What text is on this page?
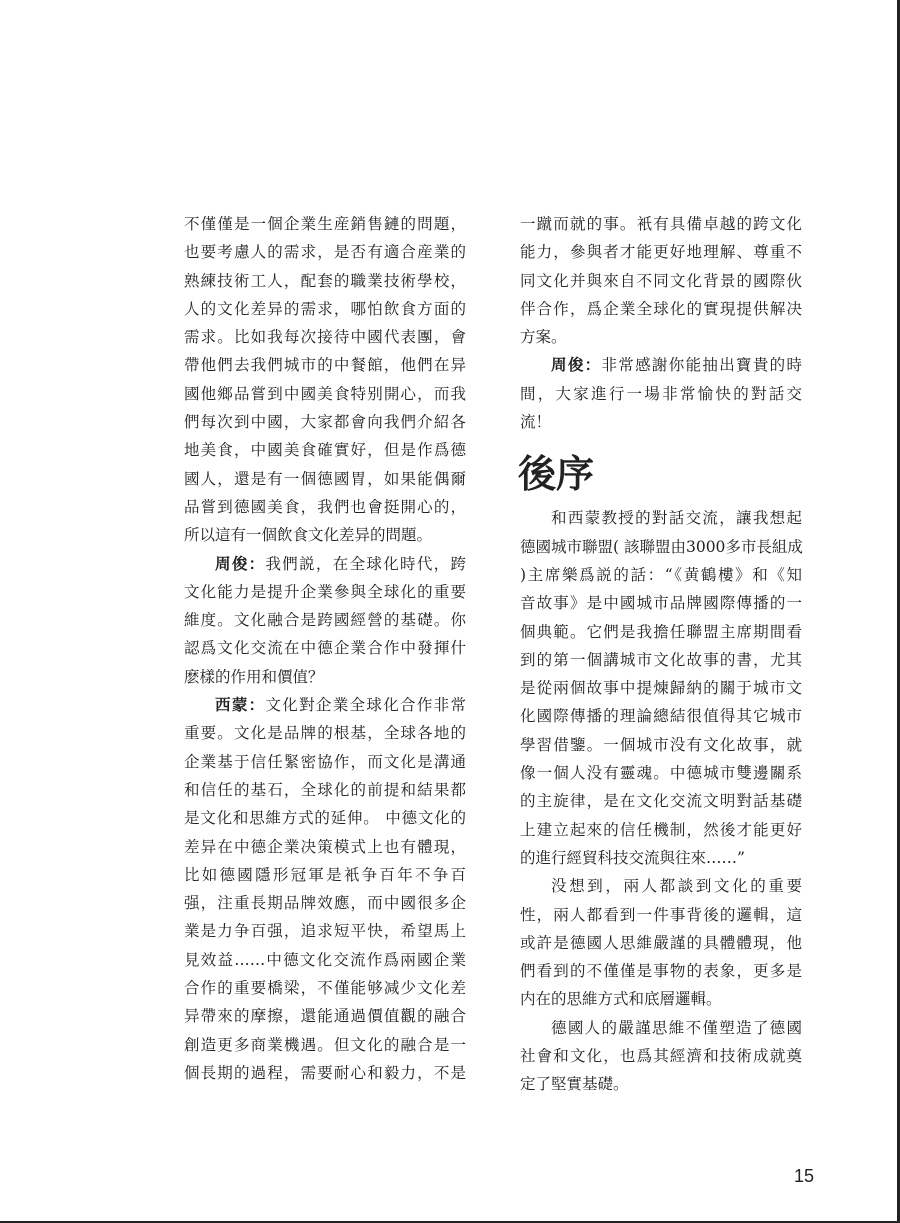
不僅僅是一個企業生産銷售鏈的問題，
也要考慮人的需求，是否有適合産業的
熟練技術工人，配套的職業技術學校，
人的文化差异的需求，哪怕飲食方面的
需求。比如我每次接待中國代表團，會
帶他們去我們城市的中餐館，他們在异
國他鄉品嘗到中國美食特别開心，而我
們每次到中國，大家都會向我們介紹各
地美食，中國美食確實好，但是作爲德
國人，還是有一個德國胃，如果能偶爾
品嘗到德國美食，我們也會挺開心的，
所以這有一個飲食文化差异的問題。
周俊：我們説，在全球化時代，跨
文化能力是提升企業參與全球化的重要
維度。文化融合是跨國經營的基礎。你
認爲文化交流在中德企業合作中發揮什
麽樣的作用和價值？
西蒙：文化對企業全球化合作非常
重要。文化是品牌的根基，全球各地的
企業基于信任緊密協作，而文化是溝通
和信任的基石，全球化的前提和結果都
是文化和思維方式的延伸。 中德文化的
差异在中德企業决策模式上也有體現，
比如德國隱形冠軍是衹争百年不争百
强，注重長期品牌效應，而中國很多企
業是力争百强，追求短平快，希望馬上
見效益……中德文化交流作爲兩國企業
合作的重要橋梁，不僅能够减少文化差
异帶來的摩擦，還能通過價值觀的融合
創造更多商業機遇。但文化的融合是一
個長期的過程，需要耐心和毅力，不是
一蹴而就的事。衹有具備卓越的跨文化
能力，參與者才能更好地理解、尊重不
同文化并與來自不同文化背景的國際伙
伴合作，爲企業全球化的實現提供解决
方案。
周俊：非常感謝你能抽出寶貴的時
間，大家進行一場非常愉快的對話交
流！
後序
和西蒙教授的對話交流，讓我想起
德國城市聯盟( 該聯盟由3000多市長組成
)主席樂爲説的話：“《黄鶴樓》和《知
音故事》是中國城市品牌國際傳播的一
個典範。它們是我擔任聯盟主席期間看
到的第一個講城市文化故事的書，尤其
是從兩個故事中提煉歸納的關于城市文
化國際傳播的理論總結很值得其它城市
學習借鑒。一個城市没有文化故事，就
像一個人没有靈魂。中德城市雙邊關系
的主旋律，是在文化交流文明對話基礎
上建立起來的信任機制，然後才能更好
的進行經貿科技交流與往來……”
没想到，兩人都談到文化的重要
性，兩人都看到一件事背後的邏輯，這
或許是德國人思維嚴謹的具體體現，他
們看到的不僅僅是事物的表象，更多是
内在的思維方式和底層邏輯。
德國人的嚴謹思維不僅塑造了德國
社會和文化，也爲其經濟和技術成就奠
定了堅實基礎。
15
